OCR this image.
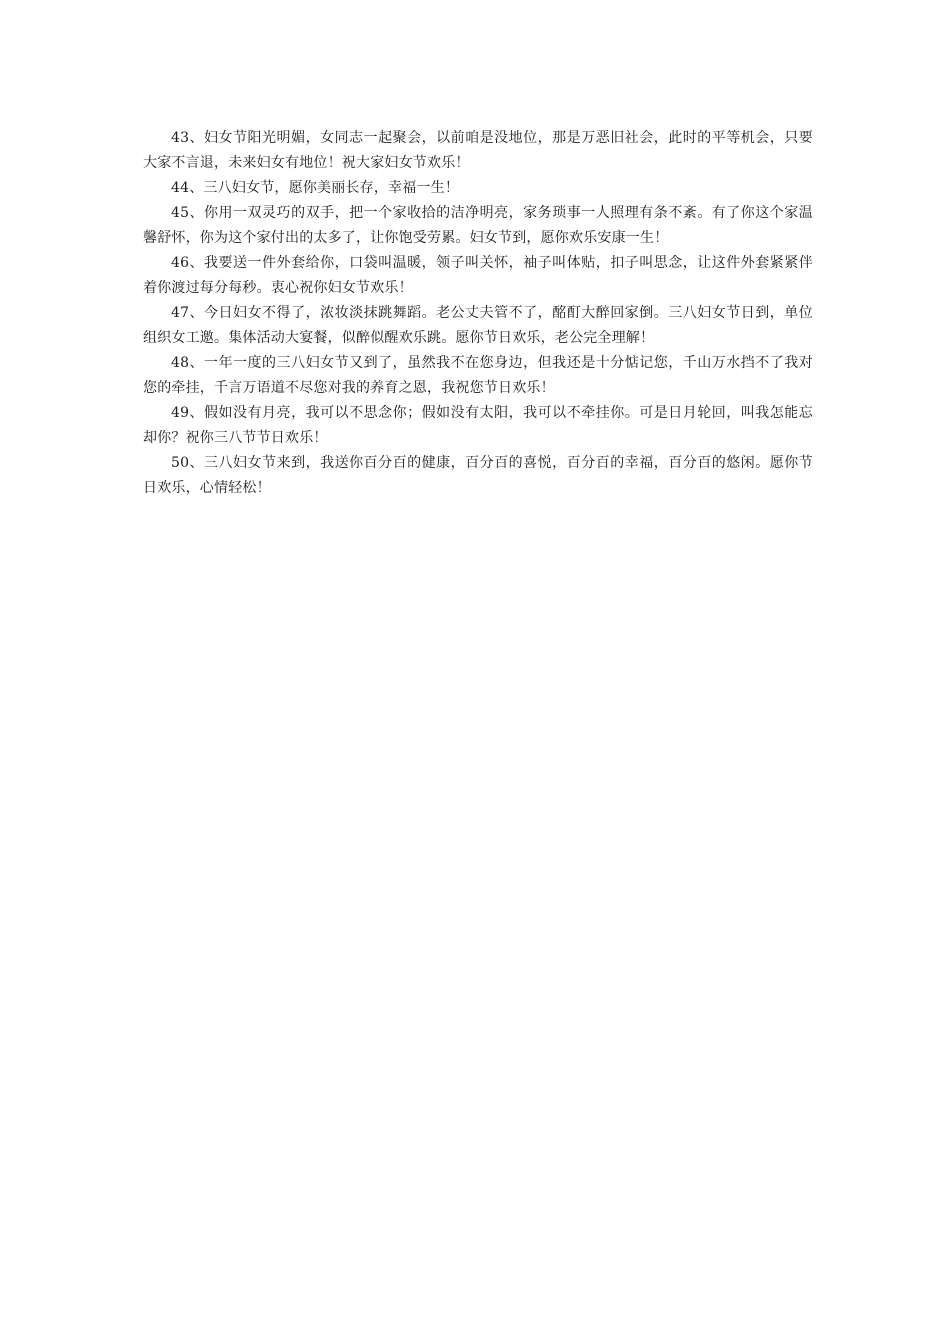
43、妇女节阳光明媚，女同志一起聚会，以前咱是没地位，那是万恶旧社会，此时的平等机会，只要大家不言退，未来妇女有地位！祝大家妇女节欢乐！

44、三八妇女节，愿你美丽长存，幸福一生！

45、你用一双灵巧的双手，把一个家收拾的洁净明亮，家务琐事一人照理有条不紊。有了你这个家温馨舒怀，你为这个家付出的太多了，让你饱受劳累。妇女节到，愿你欢乐安康一生！

46、我要送一件外套给你，口袋叫温暖，领子叫关怀，袖子叫体贴，扣子叫思念，让这件外套紧紧伴着你渡过每分每秒。衷心祝你妇女节欢乐！

47、今日妇女不得了，浓妆淡抹跳舞蹈。老公丈夫管不了，酩酊大醉回家倒。三八妇女节日到，单位组织女工邀。集体活动大宴餐，似醉似醒欢乐跳。愿你节日欢乐，老公完全理解！

48、一年一度的三八妇女节又到了，虽然我不在您身边，但我还是十分惦记您，千山万水挡不了我对您的牵挂，千言万语道不尽您对我的养育之恩，我祝您节日欢乐！

49、假如没有月亮，我可以不思念你；假如没有太阳，我可以不牵挂你。可是日月轮回，叫我怎能忘却你？祝你三八节节日欢乐！

50、三八妇女节来到，我送你百分百的健康，百分百的喜悦，百分百的幸福，百分百的悠闲。愿你节日欢乐，心情轻松！
